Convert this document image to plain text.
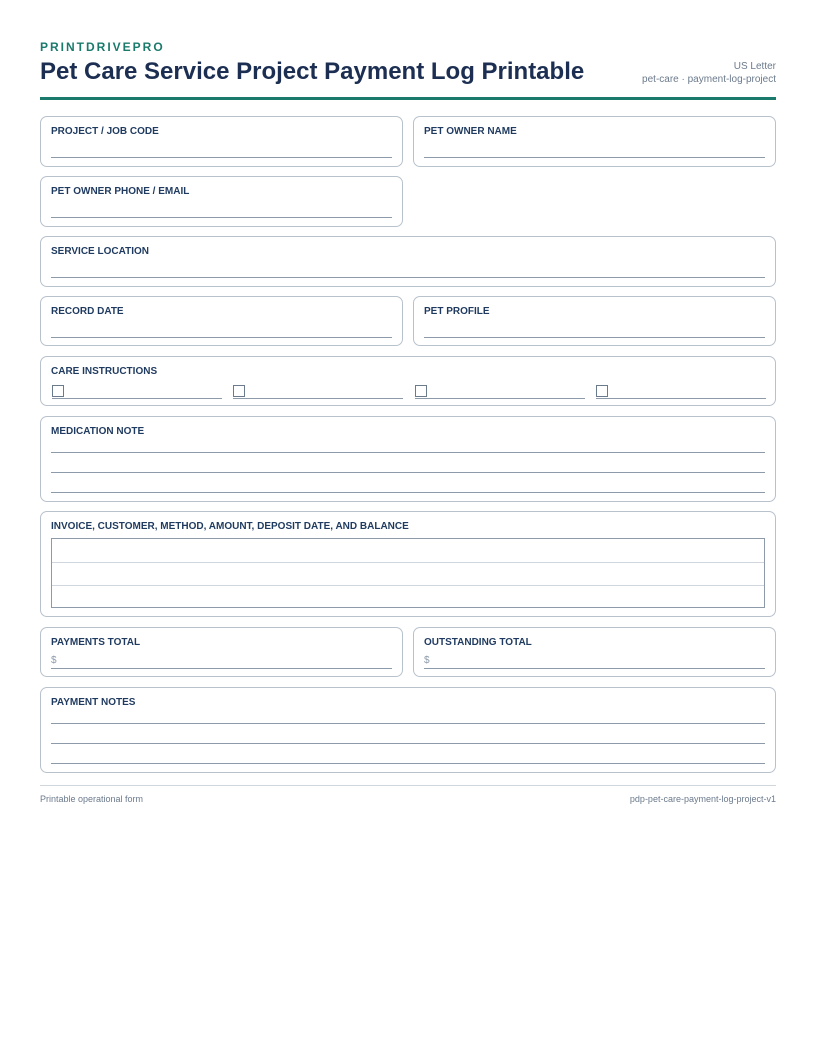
PRINTDRIVEPRO
Pet Care Service Project Payment Log Printable	US Letter
pet-care · payment-log-project
PROJECT / JOB CODE	PET OWNER NAME
PET OWNER PHONE / EMAIL
SERVICE LOCATION
RECORD DATE	PET PROFILE
CARE INSTRUCTIONS
MEDICATION NOTE
INVOICE, CUSTOMER, METHOD, AMOUNT, DEPOSIT DATE, AND BALANCE
PAYMENTS TOTAL
$
OUTSTANDING TOTAL
$
PAYMENT NOTES
Printable operational form	pdp-pet-care-payment-log-project-v1
